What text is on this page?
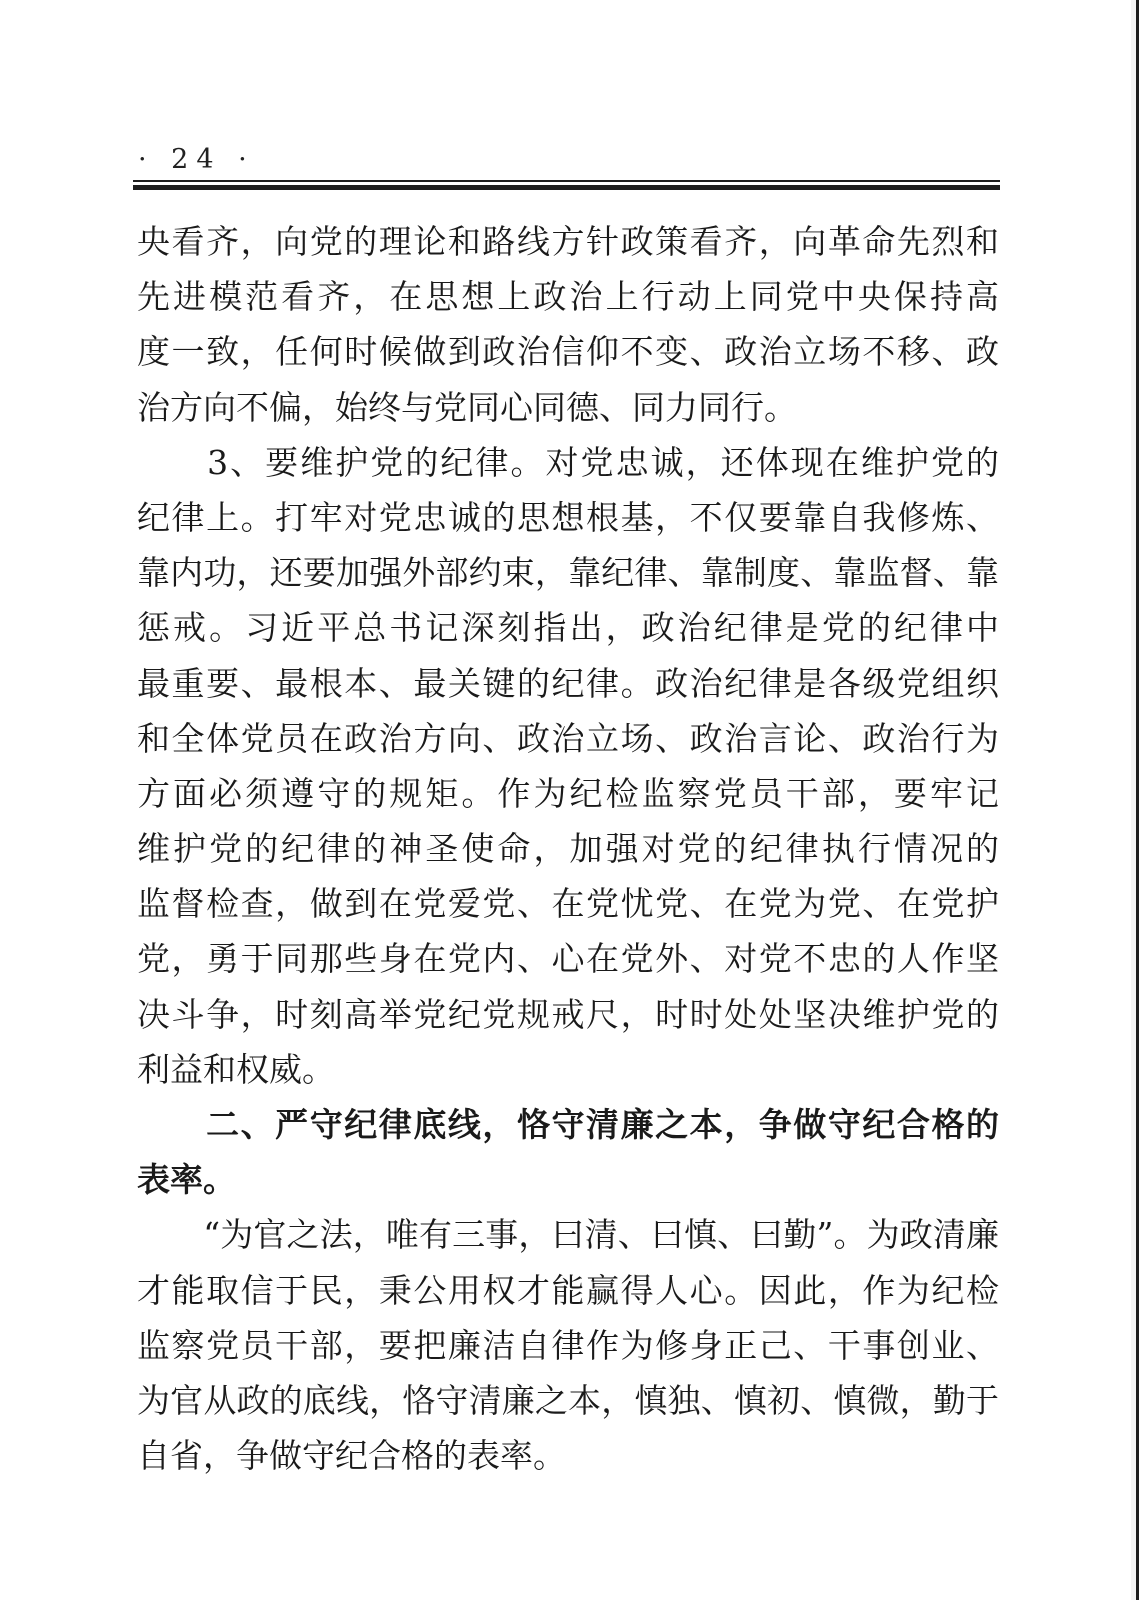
· 24 ·
央看齐，向党的理论和路线方针政策看齐，向革命先烈和
先进模范看齐，在思想上政治上行动上同党中央保持高
度一致，任何时候做到政治信仰不变、政治立场不移、政
治方向不偏，始终与党同心同德、同力同行。
　　3、要维护党的纪律。对党忠诚，还体现在维护党的
纪律上。打牢对党忠诚的思想根基，不仅要靠自我修炼、
靠内功，还要加强外部约束，靠纪律、靠制度、靠监督、靠
惩戒。习近平总书记深刻指出，政治纪律是党的纪律中
最重要、最根本、最关键的纪律。政治纪律是各级党组织
和全体党员在政治方向、政治立场、政治言论、政治行为
方面必须遵守的规矩。作为纪检监察党员干部，要牢记
维护党的纪律的神圣使命，加强对党的纪律执行情况的
监督检查，做到在党爱党、在党忧党、在党为党、在党护
党，勇于同那些身在党内、心在党外、对党不忠的人作坚
决斗争，时刻高举党纪党规戒尺，时时处处坚决维护党的
利益和权威。
　　二、严守纪律底线，恪守清廉之本，争做守纪合格的
表率。
　　“为官之法，唯有三事，曰清、曰慎、曰勤”。为政清廉
才能取信于民，秉公用权才能赢得人心。因此，作为纪检
监察党员干部，要把廉洁自律作为修身正己、干事创业、
为官从政的底线，恪守清廉之本，慎独、慎初、慎微，勤于
自省，争做守纪合格的表率。
